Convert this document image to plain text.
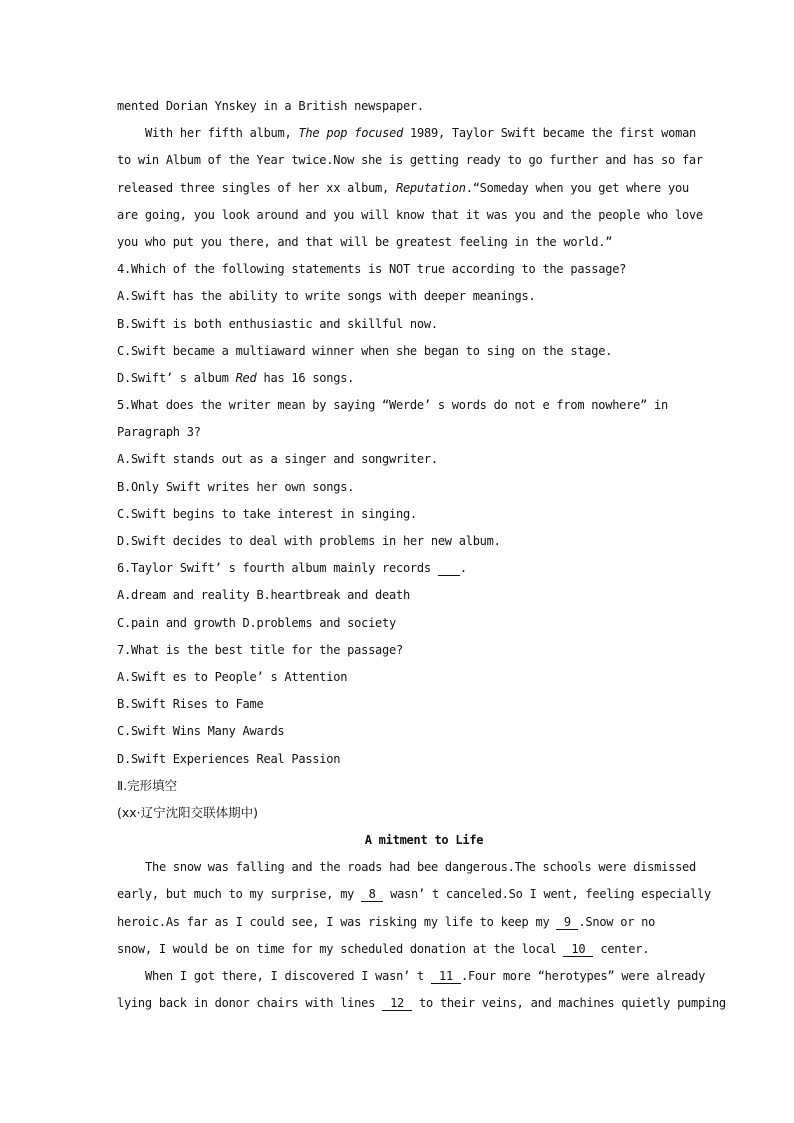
mented Dorian Ynskey in a British newspaper.
With her fifth album, The pop focused 1989, Taylor Swift became the first woman
to win Album of the Year twice.Now she is getting ready to go further and has so far
released three singles of her xx album, Reputation.“Someday when you get where you
are going, you look around and you will know that it was you and the people who love
you who put you there, and that will be greatest feeling in the world.”
4.Which of the following statements is NOT true according to the passage?
A.Swift has the ability to write songs with deeper meanings.
B.Swift is both enthusiastic and skillful now.
C.Swift became a multiaward winner when she began to sing on the stage.
D.Swift’ s album Red has 16 songs.
5.What does the writer mean by saying “Werde’ s words do not e from nowhere” in
Paragraph 3?
A.Swift stands out as a singer and songwriter.
B.Only Swift writes her own songs.
C.Swift begins to take interest in singing.
D.Swift decides to deal with problems in her new album.
6.Taylor Swift’ s fourth album mainly records  .
A.dream and reality B.heartbreak and death
C.pain and growth D.problems and society
7.What is the best title for the passage?
A.Swift es to People’ s Attention
B.Swift Rises to Fame
C.Swift Wins Many Awards
D.Swift Experiences Real Passion
Ⅱ.完形填空
(xx·辽宁沈阳交联体期中)
A mitment to Life
The snow was falling and the roads had bee dangerous.The schools were dismissed
early, but much to my surprise, my 8 wasn’ t canceled.So I went, feeling especially
heroic.As far as I could see, I was risking my life to keep my 9 .Snow or no
snow, I would be on time for my scheduled donation at the local 10 center.
When I got there, I discovered I wasn’ t 11 .Four more “herotypes” were already
lying back in donor chairs with lines 12 to their veins, and machines quietly pumping
